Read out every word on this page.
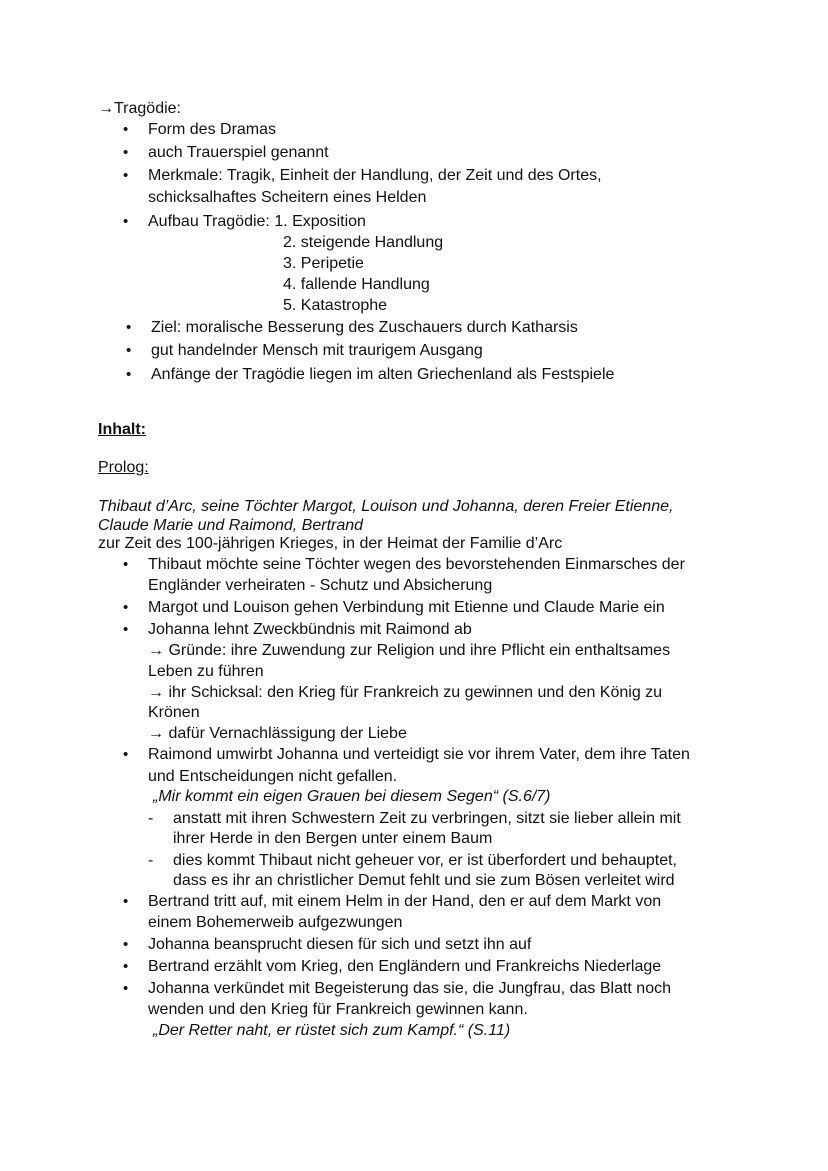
→Tragödie:
• Form des Dramas
• auch Trauerspiel genannt
• Merkmale: Tragik, Einheit der Handlung, der Zeit und des Ortes,
schicksalhaftes Scheitern eines Helden
• Aufbau Tragödie: 1. Exposition
2. steigende Handlung
3. Peripetie
4. fallende Handlung
5. Katastrophe
• Ziel: moralische Besserung des Zuschauers durch Katharsis
• gut handelnder Mensch mit traurigem Ausgang
• Anfänge der Tragödie liegen im alten Griechenland als Festspiele
Inhalt:
Prolog:
Thibaut d’Arc, seine Töchter Margot, Louison und Johanna, deren Freier Etienne,
Claude Marie und Raimond, Bertrand
zur Zeit des 100-jährigen Krieges, in der Heimat der Familie d’Arc
• Thibaut möchte seine Töchter wegen des bevorstehenden Einmarsches der
Engländer verheiraten - Schutz und Absicherung
• Margot und Louison gehen Verbindung mit Etienne und Claude Marie ein
• Johanna lehnt Zweckbündnis mit Raimond ab
→ Gründe: ihre Zuwendung zur Religion und ihre Pflicht ein enthaltsames
Leben zu führen
→ ihr Schicksal: den Krieg für Frankreich zu gewinnen und den König zu
Krönen
→ dafür Vernachlässigung der Liebe
• Raimond umwirbt Johanna und verteidigt sie vor ihrem Vater, dem ihre Taten
und Entscheidungen nicht gefallen.
„Mir kommt ein eigen Grauen bei diesem Segen“ (S.6/7)
- anstatt mit ihren Schwestern Zeit zu verbringen, sitzt sie lieber allein mit
ihrer Herde in den Bergen unter einem Baum
- dies kommt Thibaut nicht geheuer vor, er ist überfordert und behauptet,
dass es ihr an christlicher Demut fehlt und sie zum Bösen verleitet wird
• Bertrand tritt auf, mit einem Helm in der Hand, den er auf dem Markt von
einem Bohemerweib aufgezwungen
• Johanna beansprucht diesen für sich und setzt ihn auf
• Bertrand erzählt vom Krieg, den Engländern und Frankreichs Niederlage
• Johanna verkündet mit Begeisterung das sie, die Jungfrau, das Blatt noch
wenden und den Krieg für Frankreich gewinnen kann.
„Der Retter naht, er rüstet sich zum Kampf.“ (S.11)
